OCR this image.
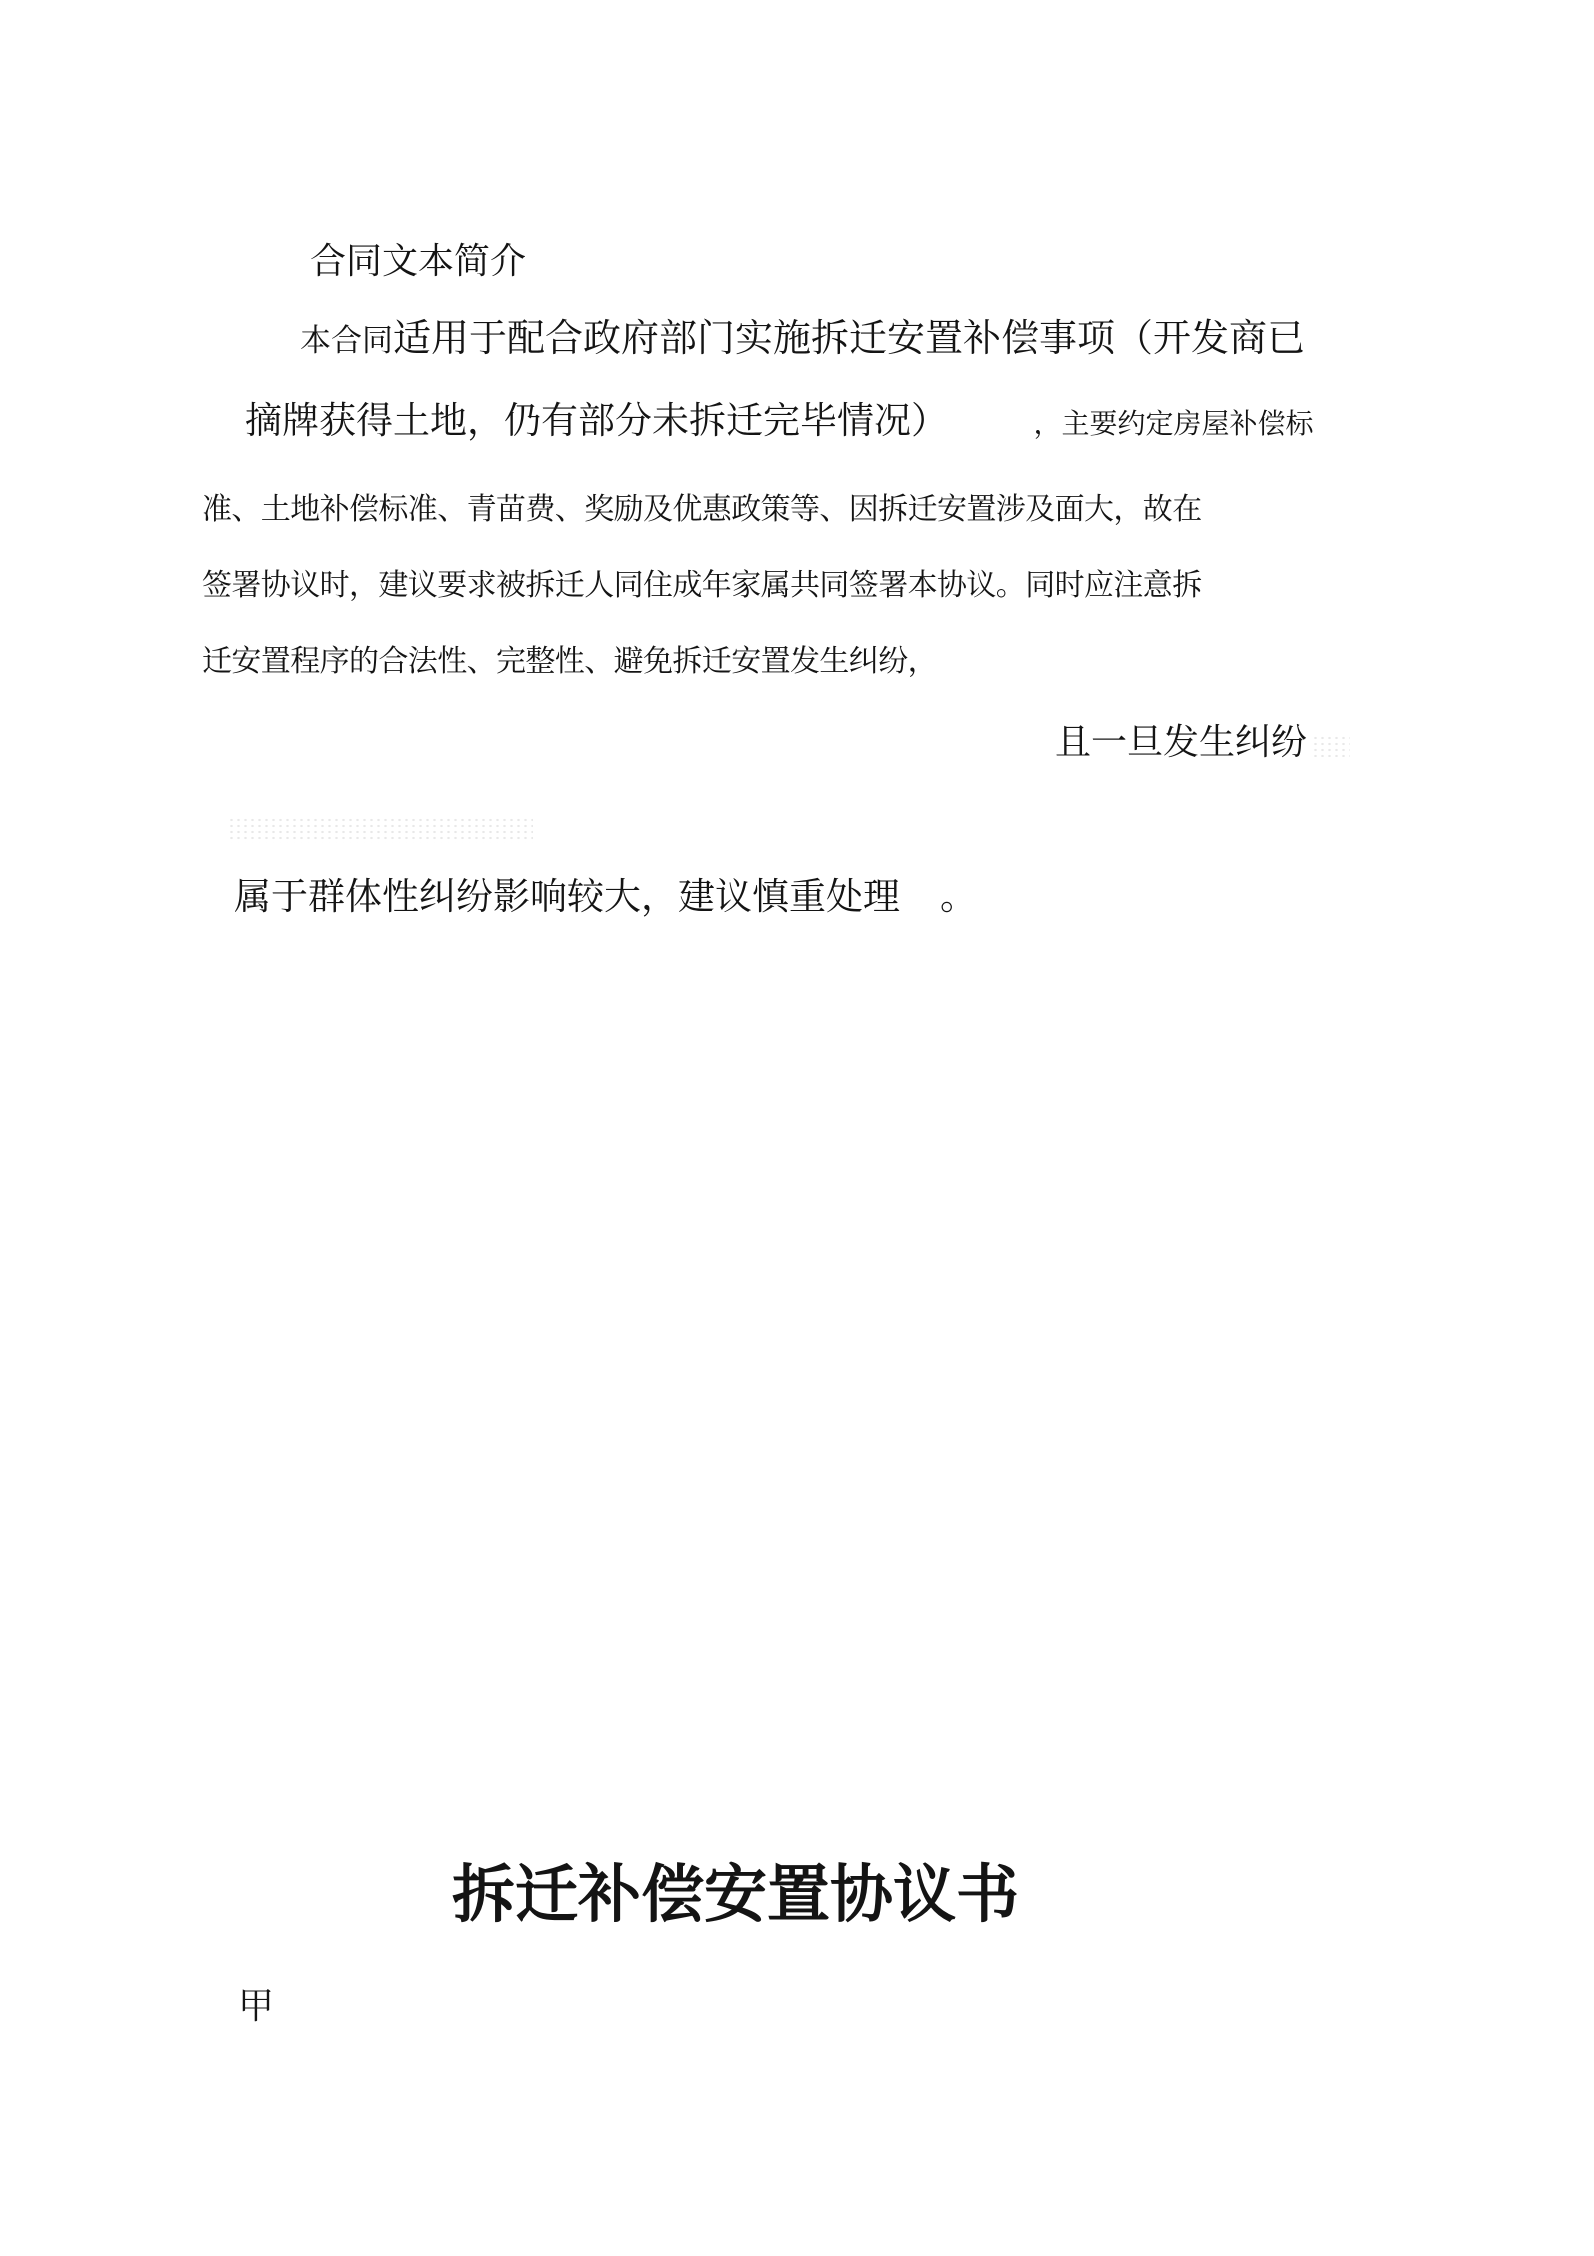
合同文本简介
本合同适用于配合政府部门实施拆迁安置补偿事项（开发商已
摘牌获得土地，仍有部分未拆迁完毕情况）	，主要约定房屋补偿标
准、土地补偿标准、青苗费、奖励及优惠政策等、因拆迁安置涉及面大，故在
签署协议时，建议要求被拆迁人同住成年家属共同签署本协议。同时应注意拆
迁安置程序的合法性、完整性、避免拆迁安置发生纠纷，
且一旦发生纠纷
属于群体性纠纷影响较大，建议慎重处理 。
拆迁补偿安置协议书
甲
